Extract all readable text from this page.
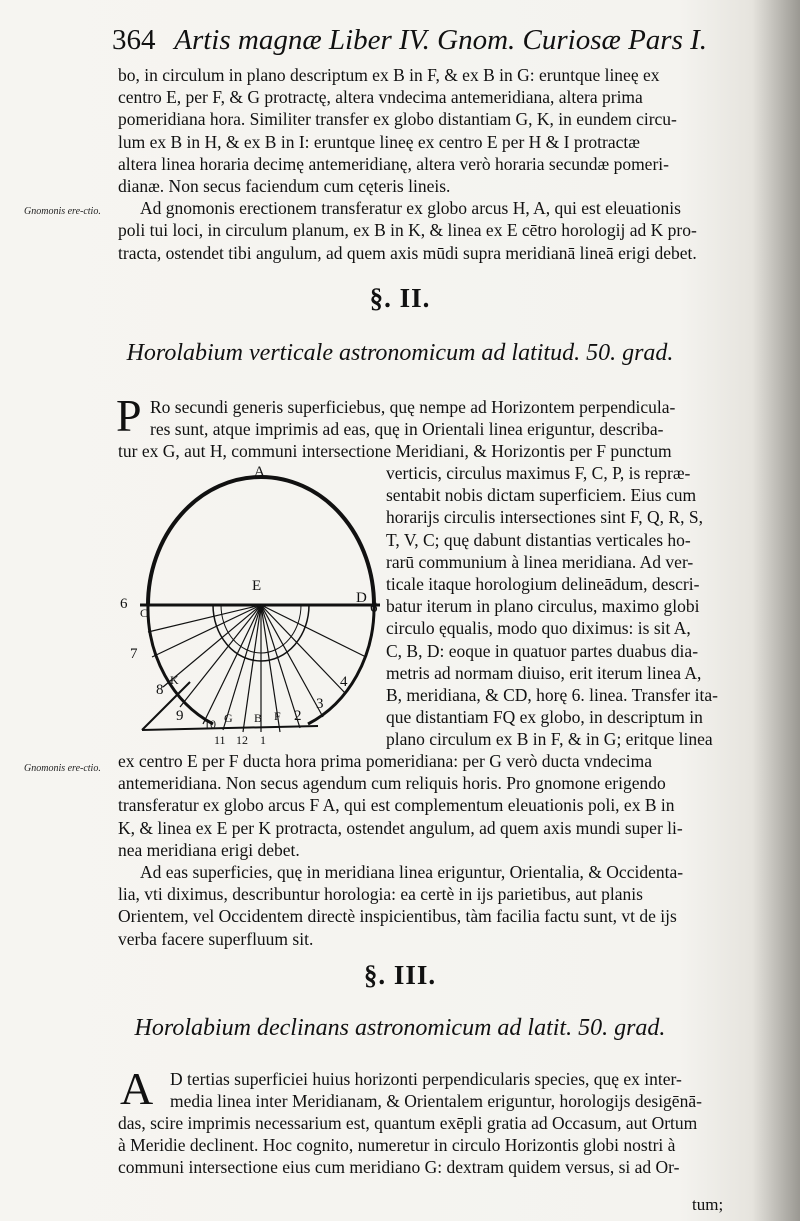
364 Artis magnæ Liber IV. Gnom. Curiosæ Pars I.
bo, in circulum in plano descriptum ex B in F, & ex B in G: eruntque lineę ex
centro E, per F, & G protractę, altera vndecima antemeridiana, altera prima
pomeridiana hora. Similiter transfer ex globo distantiam G, K, in eundem circu-
lum ex B in H, & ex B in I: eruntque lineę ex centro E per H & I protractæ
altera linea horaria decimę antemeridianę, altera verò horaria secundæ pomeri-
dianæ. Non secus faciendum cum cęteris lineis.
Ad gnomonis erectionem transferatur ex globo arcus H, A, qui est eleuationis
poli tui loci, in circulum planum, ex B in K, & linea ex E cētro horologij ad K pro-
tracta, ostendet tibi angulum, ad quem axis mūdi supra meridianā lineā erigi debet.
Gnomonis ere-ctio.
§. II.
Horolabium verticale astronomicum ad latitud. 50. grad.
P Ro secundi generis superficiebus, quę nempe ad Horizontem perpendicula-
res sunt, atque imprimis ad eas, quę in Orientali linea eriguntur, describa-
tur ex G, aut H, communi intersectione Meridiani, & Horizontis per F punctum
A
E
C
D
6	6
7
8
K
9 10 G B F 2
3
4
11 12 1
verticis, circulus maximus F, C, P, is repræ-
sentabit nobis dictam superficiem. Eius cum
horarijs circulis intersectiones sint F, Q, R, S,
T, V, C; quę dabunt distantias verticales ho-
rarū communium à linea meridiana. Ad ver-
ticale itaque horologium delineādum, descri-
batur iterum in plano circulus, maximo globi
circulo ęqualis, modo quo diximus: is sit A,
C, B, D: eoque in quatuor partes duabus dia-
metris ad normam diuiso, erit iterum linea A,
B, meridiana, & CD, horę 6. linea. Transfer ita-
que distantiam FQ ex globo, in descriptum in
plano circulum ex B in F, & in G; eritque linea
Gnomonis ere-ctio. ex centro E per F ducta hora prima pomeridiana: per G verò ducta vndecima
antemeridiana. Non secus agendum cum reliquis horis. Pro gnomone erigendo
transferatur ex globo arcus F A, qui est complementum eleuationis poli, ex B in
K, & linea ex E per K protracta, ostendet angulum, ad quem axis mundi super li-
nea meridiana erigi debet.
Ad eas superficies, quę in meridiana linea eriguntur, Orientalia, & Occidenta-
lia, vti diximus, describuntur horologia: ea certè in ijs parietibus, aut planis
Orientem, vel Occidentem directè inspicientibus, tàm facilia factu sunt, vt de ijs
verba facere superfluum sit.
§. III.
Horolabium declinans astronomicum ad latit. 50. grad.
A D tertias superficiei huius horizonti perpendicularis species, quę ex inter-
media linea inter Meridianam, & Orientalem eriguntur, horologijs desigēnā-
das, scire imprimis necessarium est, quantum exēpli gratia ad Occasum, aut Ortum
à Meridie declinent. Hoc cognito, numeretur in circulo Horizontis globi nostri à
communi intersectione eius cum meridiano G: dextram quidem versus, si ad Or-
tum;
